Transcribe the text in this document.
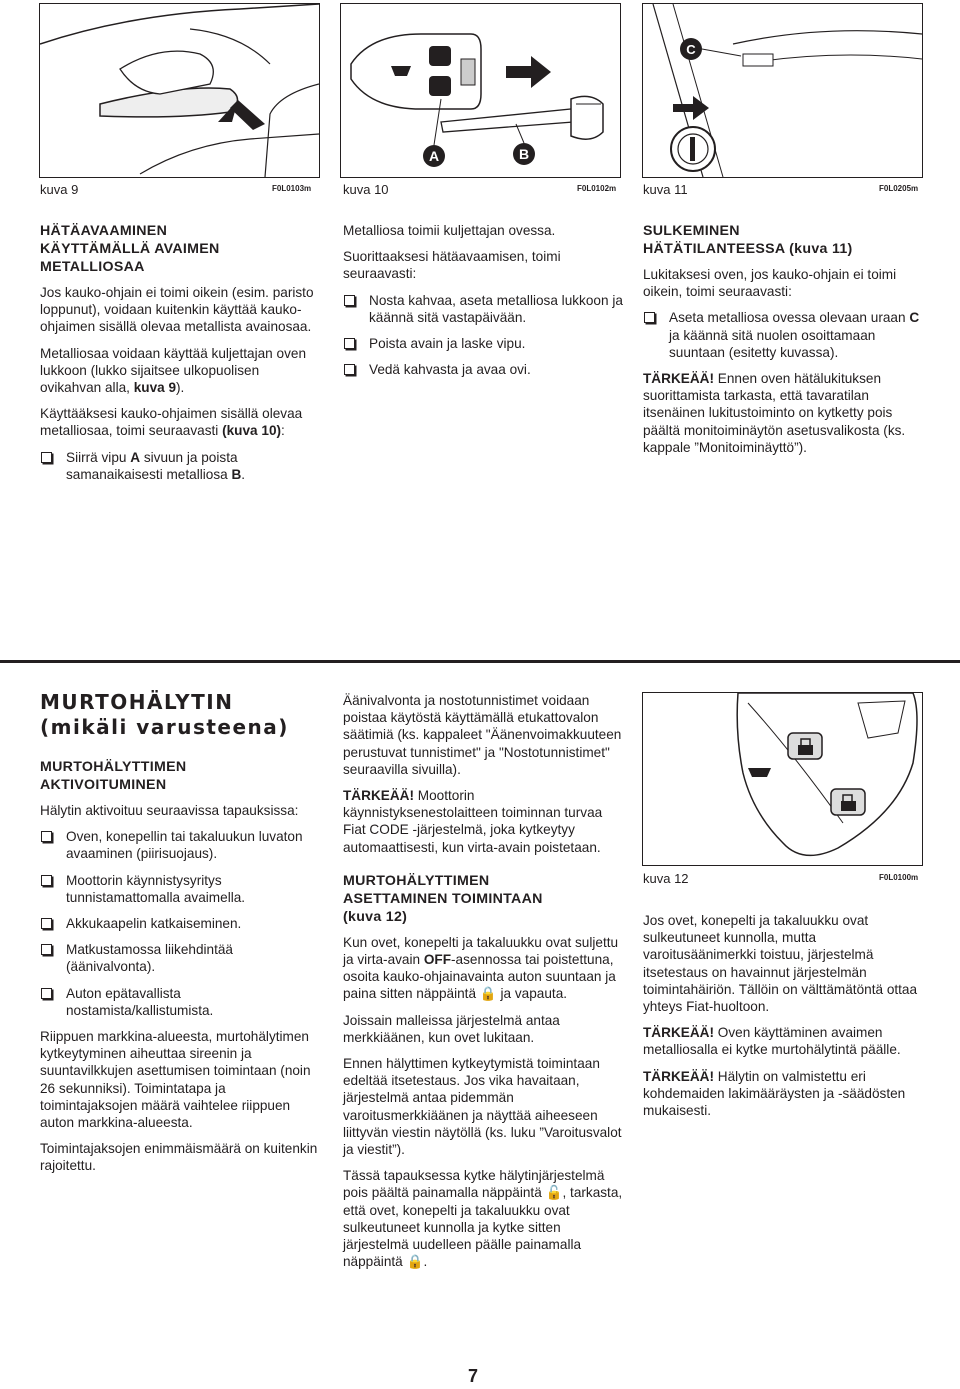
kuva 9	F0L0103m
A	B
kuva 10	F0L0102m
C
kuva 11	F0L0205m
HÄTÄAVAAMINEN
KÄYTTÄMÄLLÄ AVAIMEN
METALLIOSAA

Jos kauko-ohjain ei toimi oikein (esim. paristo loppunut), voidaan kuitenkin käyttää kauko-ohjaimen sisällä olevaa metallista avainosaa.

Metalliosaa voidaan käyttää kuljettajan oven lukkoon (lukko sijaitsee ulkopuolisen ovikahvan alla, kuva 9).

Käyttääksesi kauko-ohjaimen sisällä olevaa metalliosaa, toimi seuraavasti (kuva 10):

Siirrä vipu A sivuun ja poista samanaikaisesti metalliosa B.

Metalliosa toimii kuljettajan ovessa.

Suorittaaksesi hätäavaamisen, toimi seuraavasti:

Nosta kahvaa, aseta metalliosa lukkoon ja käännä sitä vastapäivään.
Poista avain ja laske vipu.
Vedä kahvasta ja avaa ovi.
SULKEMINEN
HÄTÄTILANTEESSA (kuva 11)

Lukitaksesi oven, jos kauko-ohjain ei toimi oikein, toimi seuraavasti:

Aseta metalliosa ovessa olevaan uraan C ja käännä sitä nuolen osoittamaan suuntaan (esitetty kuvassa).

TÄRKEÄÄ! Ennen oven hätälukituksen suorittamista tarkasta, että tavaratilan itsenäinen lukitustoiminto on kytketty pois päältä monitoiminäytön asetusvalikosta (ks. kappale ”Monitoiminäyttö”).

MURTOHÄLYTIN
(mikäli varusteena)
MURTOHÄLYTTIMEN
AKTIVOITUMINEN

Hälytin aktivoituu seuraavissa tapauksissa:

Oven, konepellin tai takaluukun luvaton avaaminen (piirisuojaus).
Moottorin käynnistysyritys tunnistamattomalla avaimella.
Akkukaapelin katkaiseminen.
Matkustamossa liikehdintää (äänivalvonta).
Auton epätavallista nostamista/kallistumista.

Riippuen markkina-alueesta, murtohälytimen kytkeytyminen aiheuttaa sireenin ja suuntavilkkujen asettumisen toimintaan (noin 26 sekunniksi). Toimintatapa ja toimintajaksojen määrä vaihtelee riippuen auton markkina-alueesta.

Toimintajaksojen enimmäismäärä on kuitenkin rajoitettu.

Äänivalvonta ja nostotunnistimet voidaan poistaa käytöstä käyttämällä etukattovalon säätimiä (ks. kappaleet "Äänenvoimakkuuteen perustuvat tunnistimet" ja "Nostotunnistimet" seuraavilla sivuilla).

TÄRKEÄÄ! Moottorin käynnistyksenestolaitteen toiminnan turvaa Fiat CODE -järjestelmä, joka kytkeytyy automaattisesti, kun virta-avain poistetaan.

MURTOHÄLYTTIMEN
ASETTAMINEN TOIMINTAAN
(kuva 12)

Kun ovet, konepelti ja takaluukku ovat suljettu ja virta-avain OFF-asennossa tai poistettuna, osoita kauko-ohjainavainta auton suuntaan ja paina sitten näppäintä 🔒 ja vapauta.

Joissain malleissa järjestelmä antaa merkkiäänen, kun ovet lukitaan.

Ennen hälyttimen kytkeytymistä toimintaan edeltää itsetestaus. Jos vika havaitaan, järjestelmä antaa pidemmän varoitusmerkkiäänen ja näyttää aiheeseen liittyvän viestin näytöllä (ks. luku ”Varoitusvalot ja viestit”).

Tässä tapauksessa kytke hälytinjärjestelmä pois päältä painamalla näppäintä 🔓, tarkasta, että ovet, konepelti ja takaluukku ovat sulkeutuneet kunnolla ja kytke sitten järjestelmä uudelleen päälle painamalla näppäintä 🔒.

kuva 12	F0L0100m

Jos ovet, konepelti ja takaluukku ovat sulkeutuneet kunnolla, mutta varoitusäänimerkki toistuu, järjestelmä itsetestaus on havainnut järjestelmän toimintahäiriön. Tällöin on välttämätöntä ottaa yhteys Fiat-huoltoon.

TÄRKEÄÄ! Oven käyttäminen avaimen metalliosalla ei kytke murtohälytintä päälle.

TÄRKEÄÄ! Hälytin on valmistettu eri kohdemaiden lakimääräysten ja -säädösten mukaisesti.

7
